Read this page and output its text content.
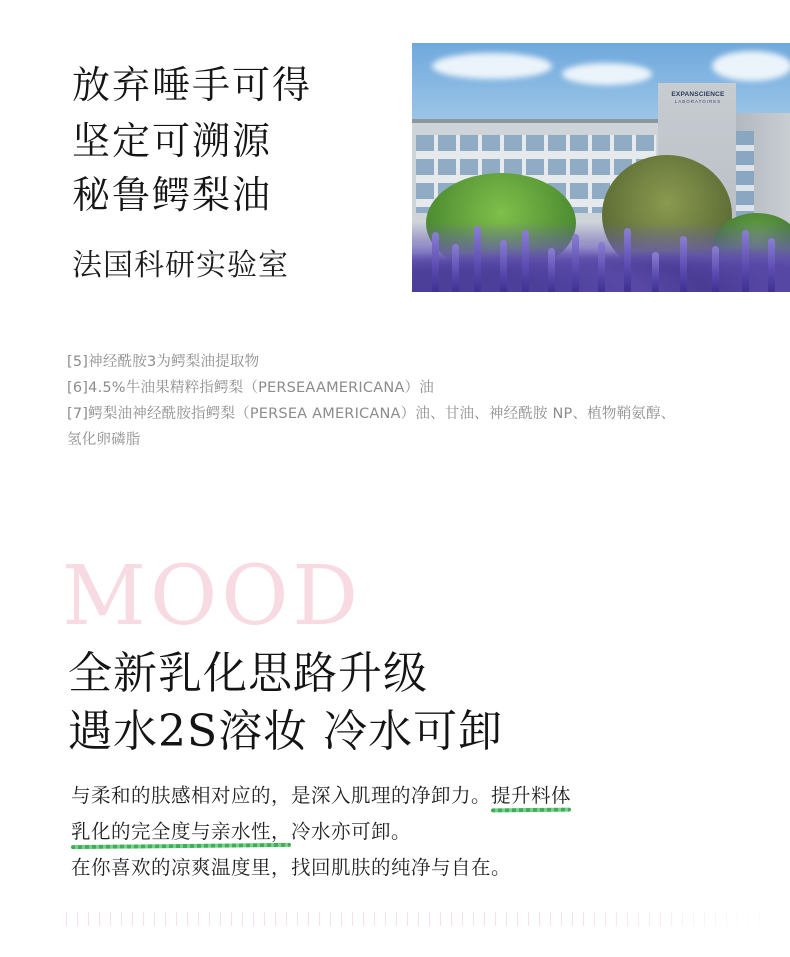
放弃唾手可得
坚定可溯源
秘鲁鳄梨油
法国科研实验室
EXPANSCIENCE
LABORATOIRES
[5]神经酰胺3为鳄梨油提取物
[6]4.5%牛油果精粹指鳄梨（PERSEAAMERICANA）油
[7]鳄梨油神经酰胺指鳄梨（PERSEA AMERICANA）油、甘油、神经酰胺 NP、植物鞘氨醇、
氢化卵磷脂
MOOD
全新乳化思路升级
遇水2S溶妆 冷水可卸
与柔和的肤感相对应的，是深入肌理的净卸力。提升料体
乳化的完全度与亲水性，冷水亦可卸。
在你喜欢的凉爽温度里，找回肌肤的纯净与自在。
